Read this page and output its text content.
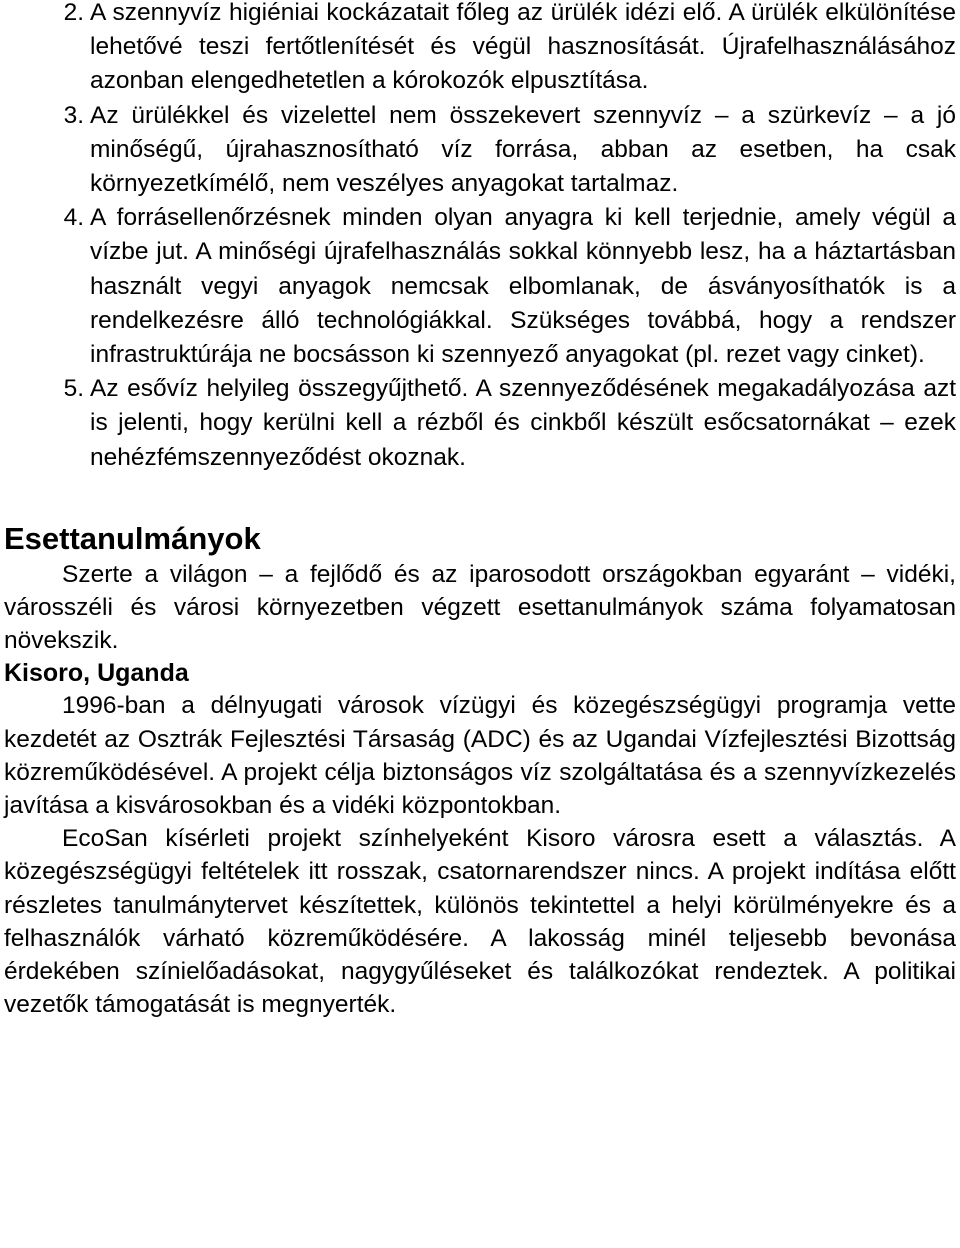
2. A szennyvíz higiéniai kockázatait főleg az ürülék idézi elő. A ürülék elkülönítése lehetővé teszi fertőtlenítését és végül hasznosítását. Újrafelhasználásához azonban elengedhetetlen a kórokozók elpusztítása.
3. Az ürülékkel és vizelettel nem összekevert szennyvíz – a szürkevíz – a jó minőségű, újrahasznosítható víz forrása, abban az esetben, ha csak környezetkímélő, nem veszélyes anyagokat tartalmaz.
4. A forrásellenőrzésnek minden olyan anyagra ki kell terjednie, amely végül a vízbe jut. A minőségi újrafelhasználás sokkal könnyebb lesz, ha a háztartásban használt vegyi anyagok nemcsak elbomlanak, de ásványosíthatók is a rendelkezésre álló technológiákkal. Szükséges továbbá, hogy a rendszer infrastruktúrája ne bocsásson ki szennyező anyagokat (pl. rezet vagy cinket).
5. Az esővíz helyileg összegyűjthető. A szennyeződésének megakadályozása azt is jelenti, hogy kerülni kell a rézből és cinkből készült esőcsatornákat – ezek nehézfémszennyeződést okoznak.
Esettanulmányok

Szerte a világon – a fejlődő és az iparosodott országokban egyaránt – vidéki, városszéli és városi környezetben végzett esettanulmányok száma folyamatosan növekszik.

Kisoro, Uganda

1996-ban a délnyugati városok vízügyi és közegészségügyi programja vette kezdetét az Osztrák Fejlesztési Társaság (ADC) és az Ugandai Vízfejlesztési Bizottság közreműködésével. A projekt célja biztonságos víz szolgáltatása és a szennyvízkezelés javítása a kisvárosokban és a vidéki központokban.

EcoSan kísérleti projekt színhelyeként Kisoro városra esett a választás. A közegészségügyi feltételek itt rosszak, csatornarendszer nincs. A projekt indítása előtt részletes tanulmánytervet készítettek, különös tekintettel a helyi körülményekre és a felhasználók várható közreműködésére. A lakosság minél teljesebb bevonása érdekében színielőadásokat, nagygyűléseket és találkozókat rendeztek. A politikai vezetők támogatását is megnyerték.
